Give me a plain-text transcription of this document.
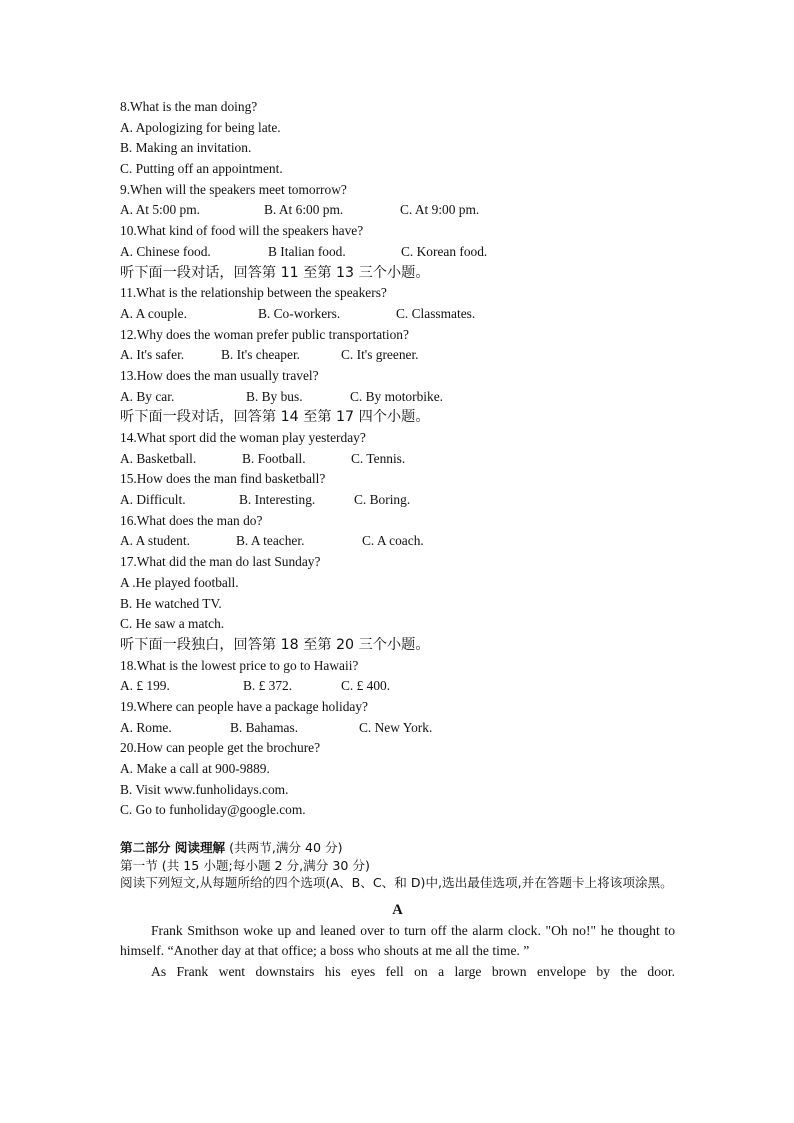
8.What is the man doing?
A. Apologizing for being late.
B. Making an invitation.
C. Putting off an appointment.
9.When will the speakers meet tomorrow?
A. At 5:00 pm.	B. At 6:00 pm.	C. At 9:00 pm.
10.What kind of food will the speakers have?
A. Chinese food.	B Italian food.	C. Korean food.
听下面一段对话，回答第 11 至第 13 三个小题。
11.What is the relationship between the speakers?
A. A couple.	B. Co-workers.	C. Classmates.
12.Why does the woman prefer public transportation?
A. It's safer.	B. It's cheaper.	C. It's greener.
13.How does the man usually travel?
A. By car.	B. By bus.	C. By motorbike.
听下面一段对话，回答第 14 至第 17 四个小题。
14.What sport did the woman play yesterday?
A. Basketball.	B. Football.	C. Tennis.
15.How does the man find basketball?
A. Difficult.	B. Interesting.	C. Boring.
16.What does the man do?
A. A student.	B. A teacher.	C. A coach.
17.What did the man do last Sunday?
A .He played football.
B. He watched TV.
C. He saw a match.
听下面一段独白，回答第 18 至第 20 三个小题。
18.What is the lowest price to go to Hawaii?
A. £ 199.	B. £ 372.	C. £ 400.
19.Where can people have a package holiday?
A. Rome.	B. Bahamas.	C. New York.
20.How can people get the brochure?
A. Make a call at 900-9889.
B. Visit www.funholidays.com.
C. Go to funholiday@google.com.
第二部分 阅读理解 (共两节,满分 40 分)
第一节 (共 15 小题;每小题 2 分,满分 30 分)
阅读下列短文,从每题所给的四个选项(A、B、C、和 D)中,选出最佳选项,并在答题卡上将该项涂黑。
A
Frank Smithson woke up and leaned over to turn off the alarm clock. "Oh no!" he thought to himself. “Another day at that office; a boss who shouts at me all the time. ”
As Frank went downstairs his eyes fell on a large brown envelope by the door.
